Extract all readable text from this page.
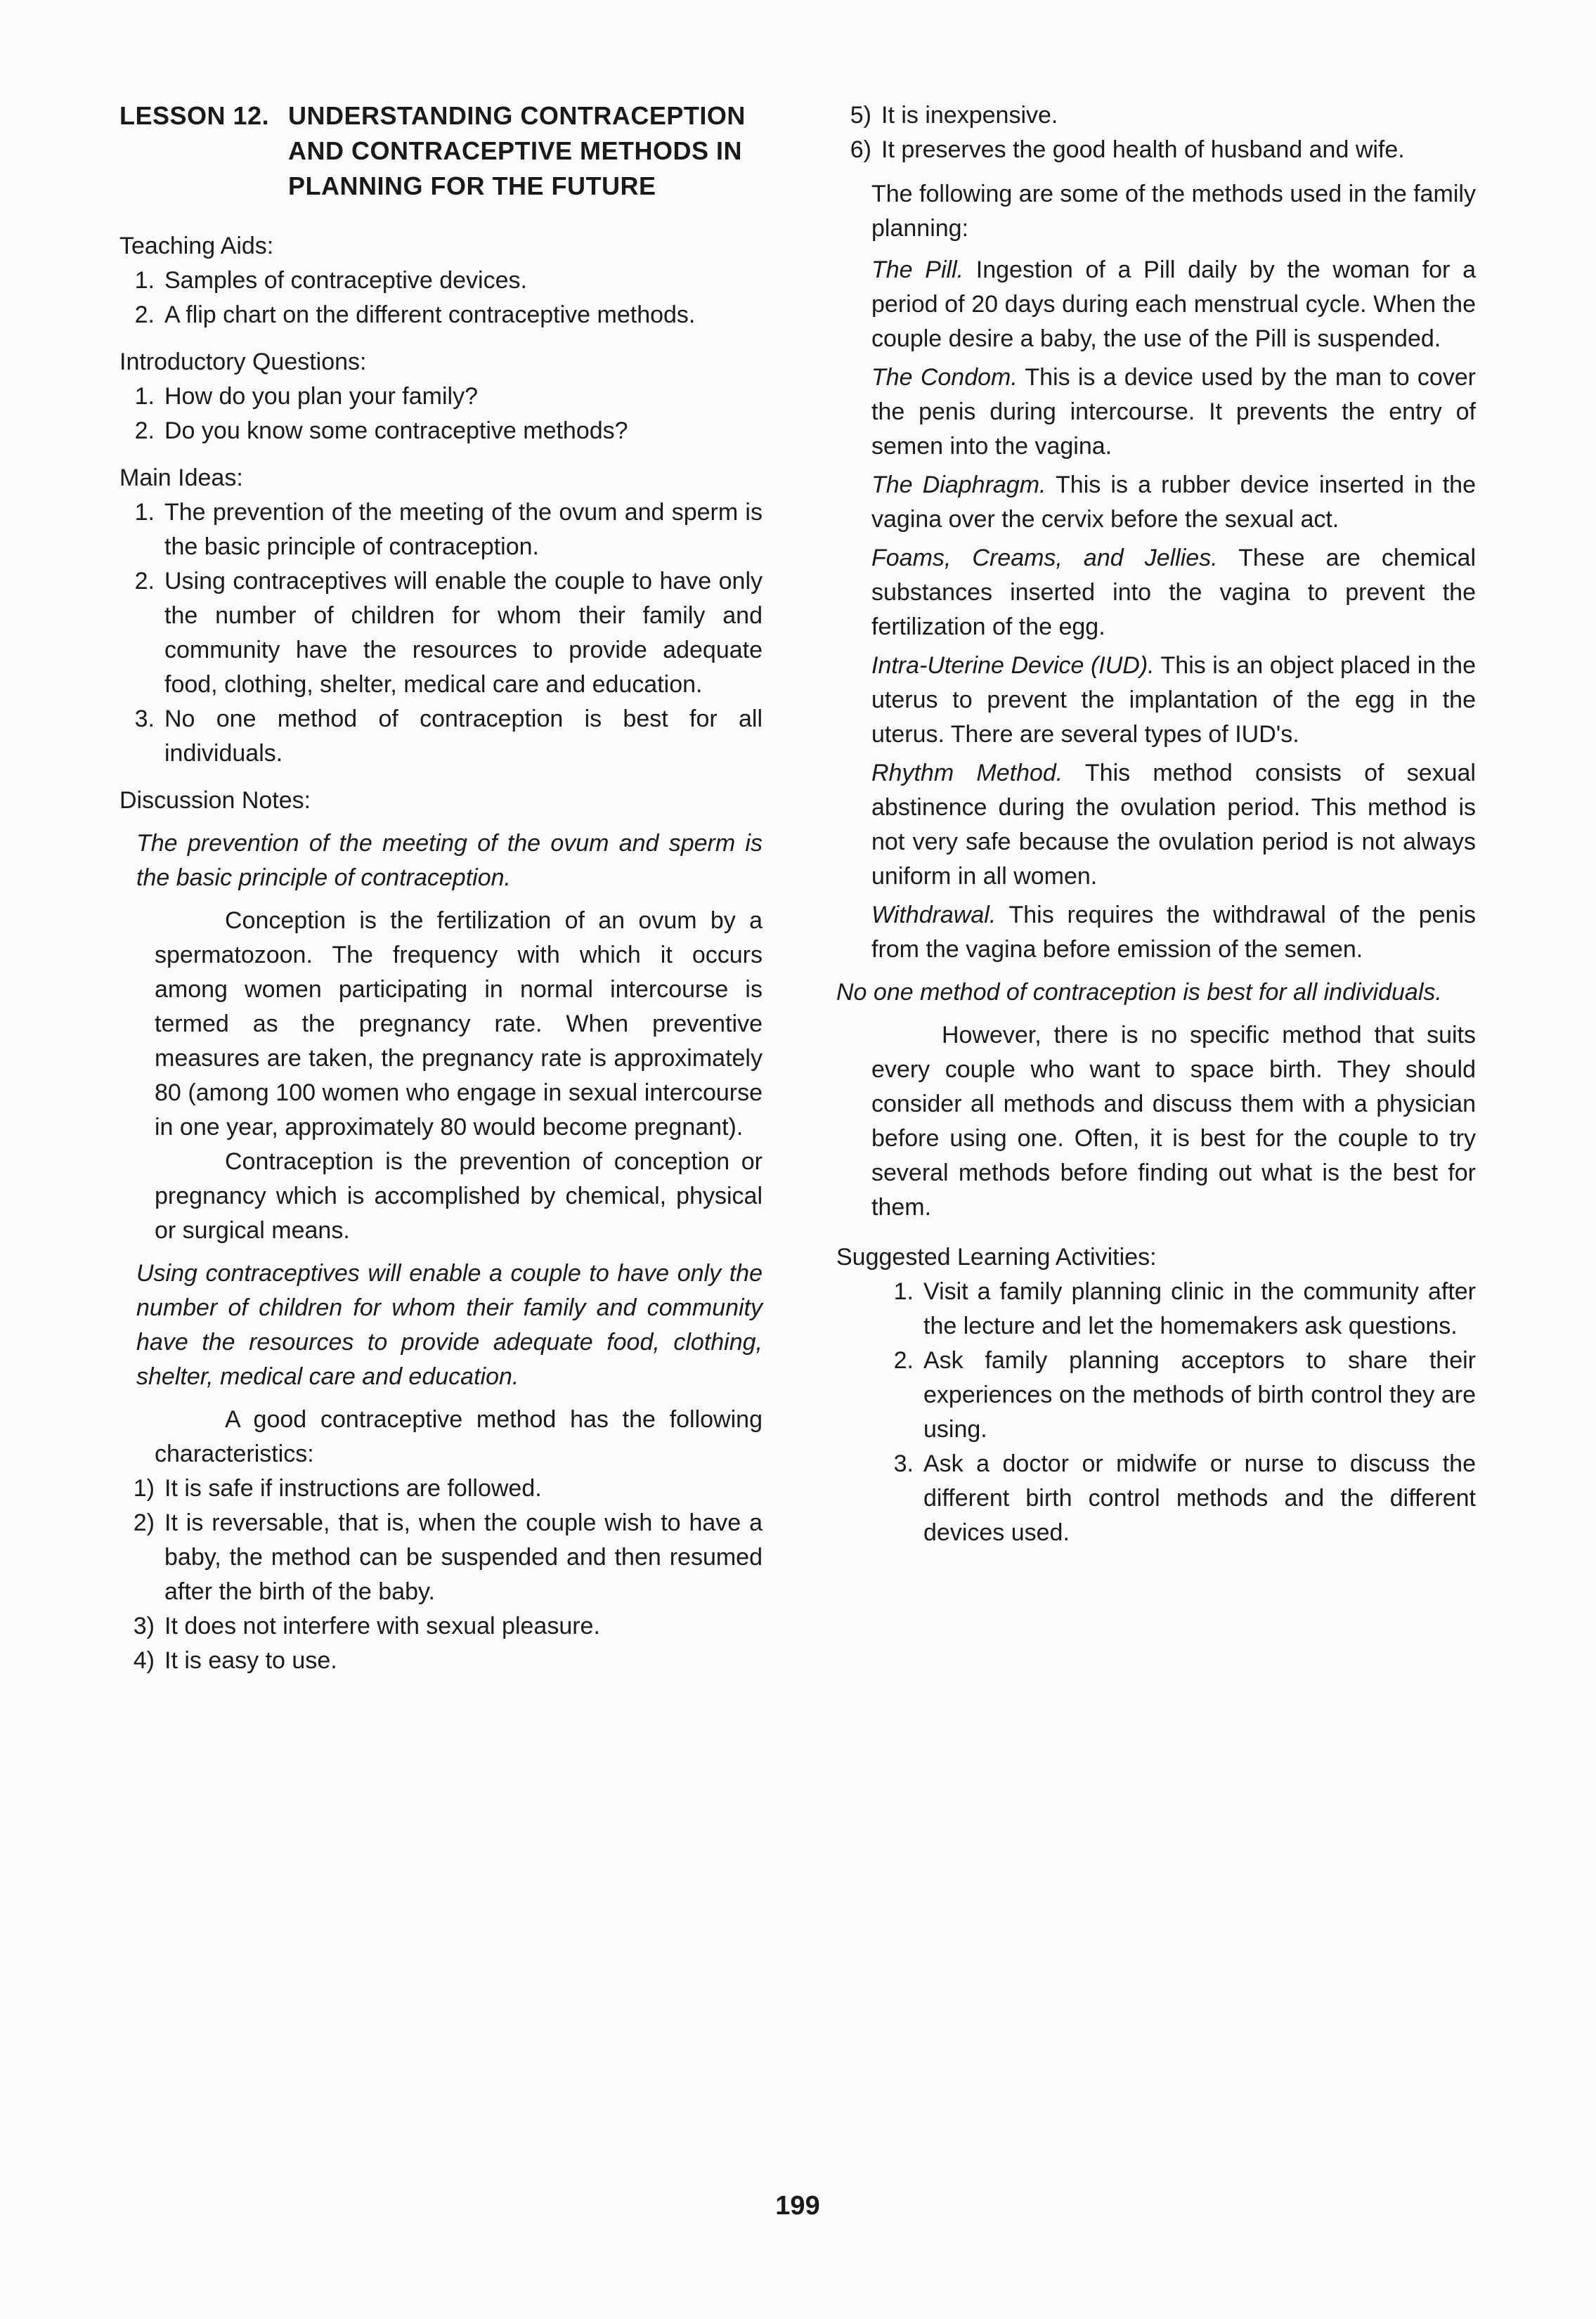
LESSON 12. UNDERSTANDING CONTRACEPTION
AND CONTRACEPTIVE METHODS IN
PLANNING FOR THE FUTURE

Teaching Aids:

1. Samples of contraceptive devices.
2. A flip chart on the different contraceptive methods.

Introductory Questions:

1. How do you plan your family?
2. Do you know some contraceptive methods?

Main Ideas:

1. The prevention of the meeting of the ovum and sperm is the basic principle of contraception.
2. Using contraceptives will enable the couple to have only the number of children for whom their family and community have the resources to provide adequate food, clothing, shelter, medical care and education.
3. No one method of contraception is best for all individuals.

Discussion Notes:

The prevention of the meeting of the ovum and sperm is the basic principle of contraception.

Conception is the fertilization of an ovum by a spermatozoon. The frequency with which it occurs among women participating in normal intercourse is termed as the pregnancy rate. When preventive measures are taken, the pregnancy rate is approximately 80 (among 100 women who engage in sexual intercourse in one year, approximately 80 would become pregnant).

Contraception is the prevention of conception or pregnancy which is accomplished by chemical, physical or surgical means.

Using contraceptives will enable a couple to have only the number of children for whom their family and community have the resources to provide adequate food, clothing, shelter, medical care and education.

A good contraceptive method has the following characteristics:

1) It is safe if instructions are followed.
2) It is reversable, that is, when the couple wish to have a baby, the method can be suspended and then resumed after the birth of the baby.
3) It does not interfere with sexual pleasure.
4) It is easy to use.
5) It is inexpensive.
6) It preserves the good health of husband and wife.

The following are some of the methods used in the family planning:

The Pill. Ingestion of a Pill daily by the woman for a period of 20 days during each menstrual cycle. When the couple desire a baby, the use of the Pill is suspended.
The Condom. This is a device used by the man to cover the penis during intercourse. It prevents the entry of semen into the vagina.
The Diaphragm. This is a rubber device inserted in the vagina over the cervix before the sexual act.
Foams, Creams, and Jellies. These are chemical substances inserted into the vagina to prevent the fertilization of the egg.
Intra-Uterine Device (IUD). This is an object placed in the uterus to prevent the implantation of the egg in the uterus. There are several types of IUD's.
Rhythm Method. This method consists of sexual abstinence during the ovulation period. This method is not very safe because the ovulation period is not always uniform in all women.
Withdrawal. This requires the withdrawal of the penis from the vagina before emission of the semen.

No one method of contraception is best for all individuals.

However, there is no specific method that suits every couple who want to space birth. They should consider all methods and discuss them with a physician before using one. Often, it is best for the couple to try several methods before finding out what is the best for them.

Suggested Learning Activities:

1. Visit a family planning clinic in the community after the lecture and let the homemakers ask questions.
2. Ask family planning acceptors to share their experiences on the methods of birth control they are using.
3. Ask a doctor or midwife or nurse to discuss the different birth control methods and the different devices used.
199
